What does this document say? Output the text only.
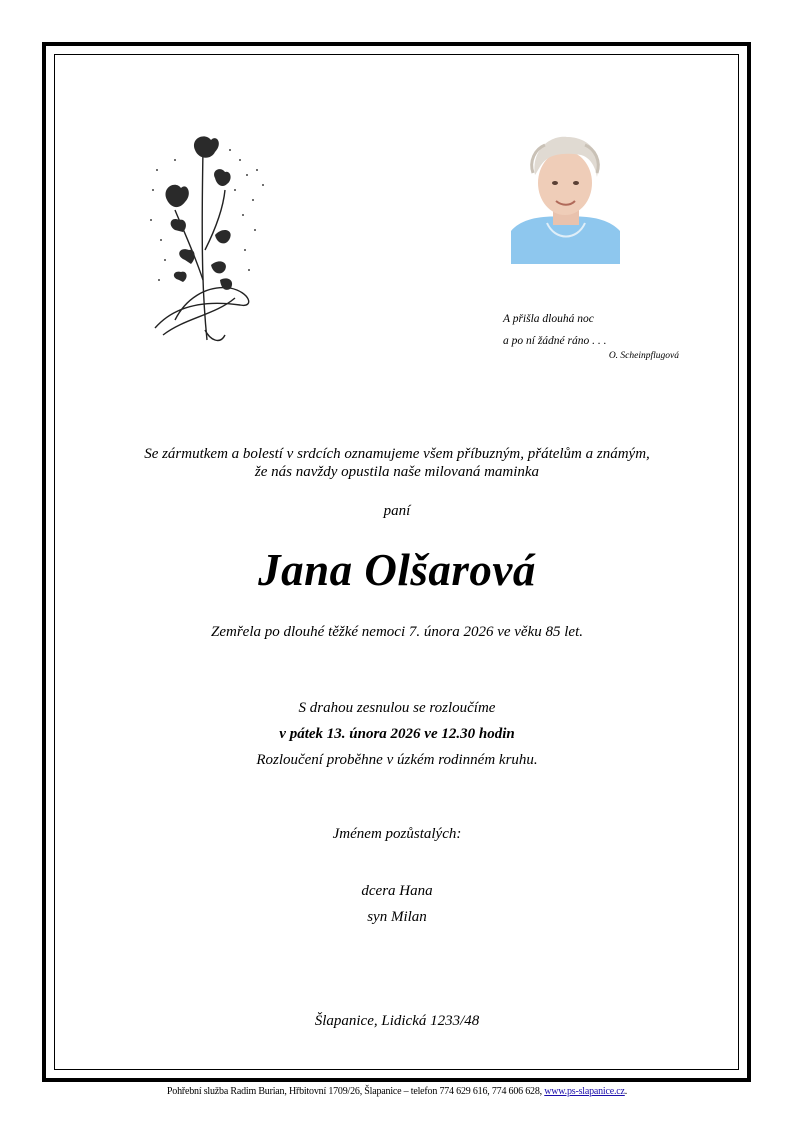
A přišla dlouhá noc
a po ní žádné ráno . . .
O. Scheinpflugová
Se zármutkem a bolestí v srdcích oznamujeme všem příbuzným, přátelům a známým,
že nás navždy opustila naše milovaná maminka
paní
Jana Olšarová
Zemřela po dlouhé těžké nemoci 7. února 2026 ve věku 85 let.
S drahou zesnulou se rozloučíme
v pátek 13. února 2026 ve 12.30 hodin
Rozloučení proběhne v úzkém rodinném kruhu.
Jménem pozůstalých:
dcera Hana
syn Milan
Šlapanice, Lidická 1233/48
Pohřební služba Radim Burian, Hřbitovní 1709/26, Šlapanice – telefon 774 629 616, 774 606 628, www.ps-slapanice.cz.
